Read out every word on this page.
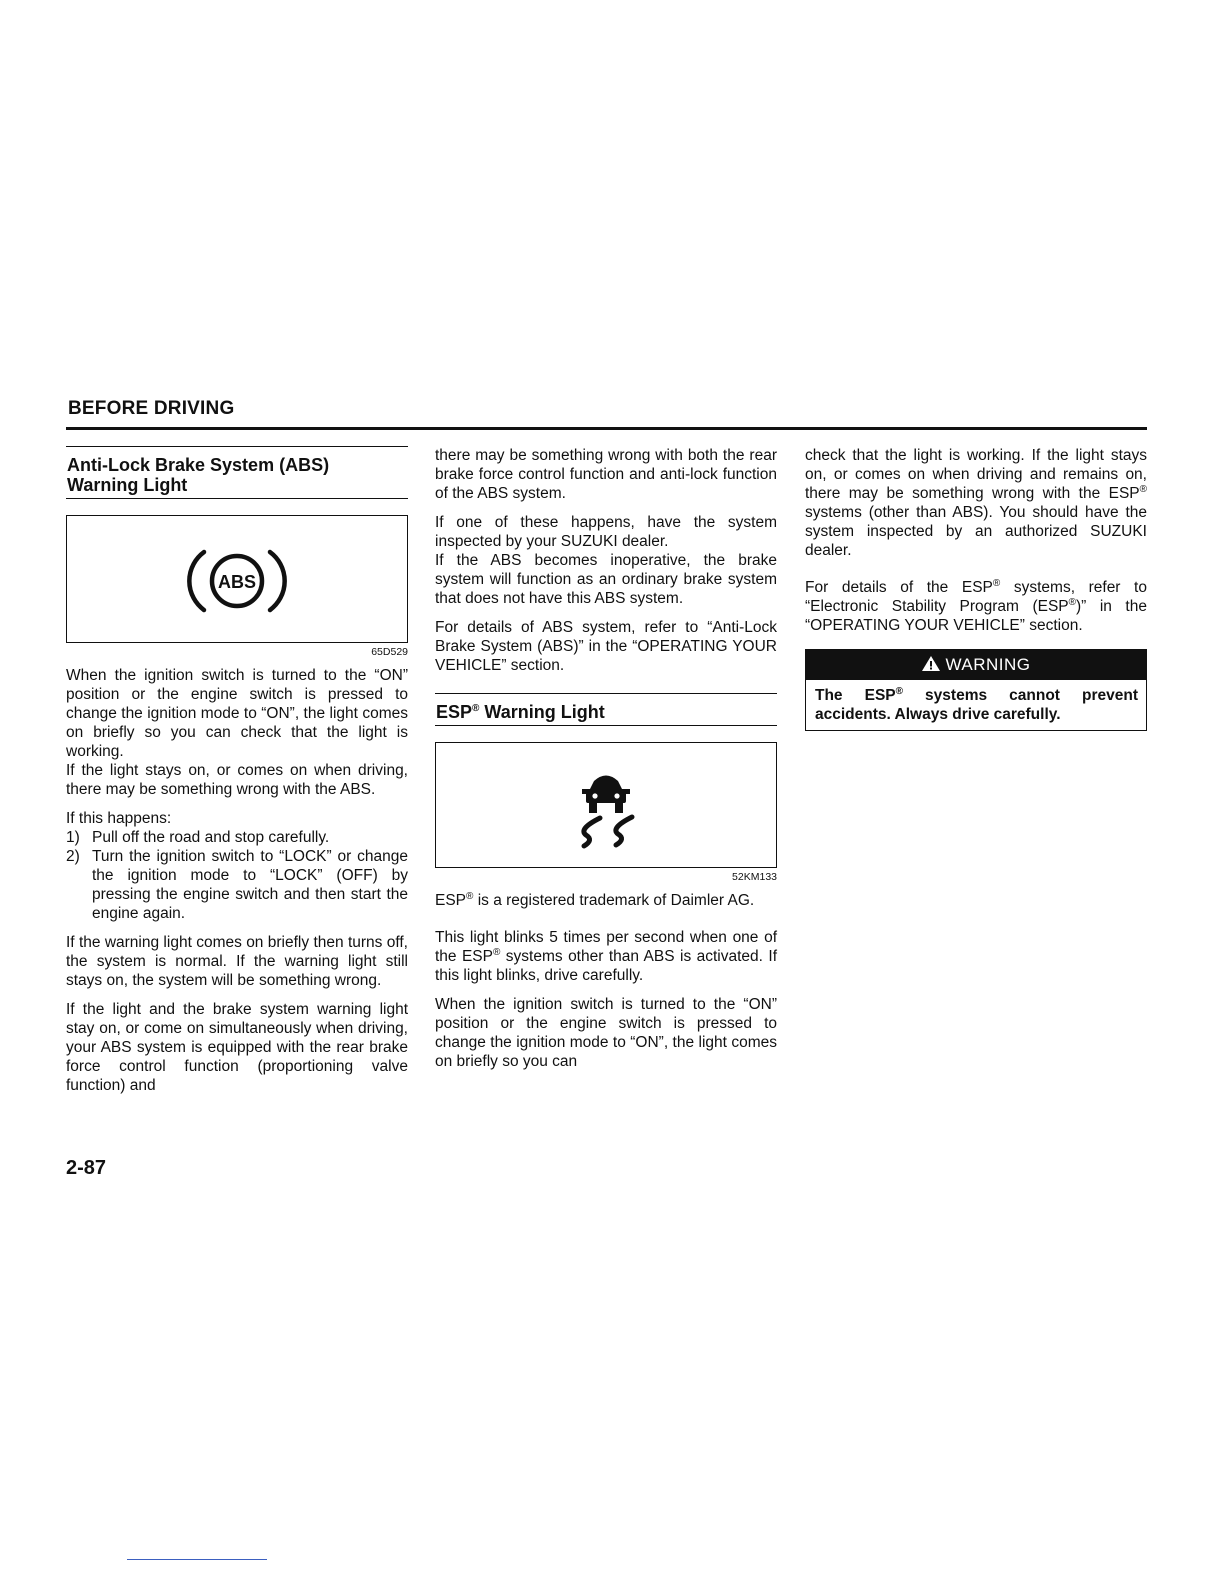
BEFORE DRIVING
Anti-Lock Brake System (ABS)
Warning Light
ABS
65D529

When the ignition switch is turned to the “ON” position or the engine switch is pressed to change the ignition mode to “ON”, the light comes on briefly so you can check that the light is working.

If the light stays on, or comes on when driving, there may be something wrong with the ABS.

If this happens:

1) Pull off the road and stop carefully.
2) Turn the ignition switch to “LOCK” or change the ignition mode to “LOCK” (OFF) by pressing the engine switch and then start the engine again.

If the warning light comes on briefly then turns off, the system is normal. If the warning light still stays on, the system will be something wrong.

If the light and the brake system warning light stay on, or come on simultaneously when driving, your ABS system is equipped with the rear brake force control function (proportioning valve function) and

there may be something wrong with both the rear brake force control function and anti-lock function of the ABS system.

If one of these happens, have the system inspected by your SUZUKI dealer.

If the ABS becomes inoperative, the brake system will function as an ordinary brake system that does not have this ABS system.

For details of ABS system, refer to “Anti-Lock Brake System (ABS)” in the “OPERATING YOUR VEHICLE” section.

ESP® Warning Light
52KM133

ESP® is a registered trademark of Daimler AG.

This light blinks 5 times per second when one of the ESP® systems other than ABS is activated. If this light blinks, drive carefully.

When the ignition switch is turned to the “ON” position or the engine switch is pressed to change the ignition mode to “ON”, the light comes on briefly so you can

check that the light is working. If the light stays on, or comes on when driving and remains on, there may be something wrong with the ESP® systems (other than ABS). You should have the system inspected by an authorized SUZUKI dealer.

For details of the ESP® systems, refer to “Electronic Stability Program (ESP®)” in the “OPERATING YOUR VEHICLE” section.

WARNING
The ESP® systems cannot prevent accidents. Always drive carefully.
2-87
